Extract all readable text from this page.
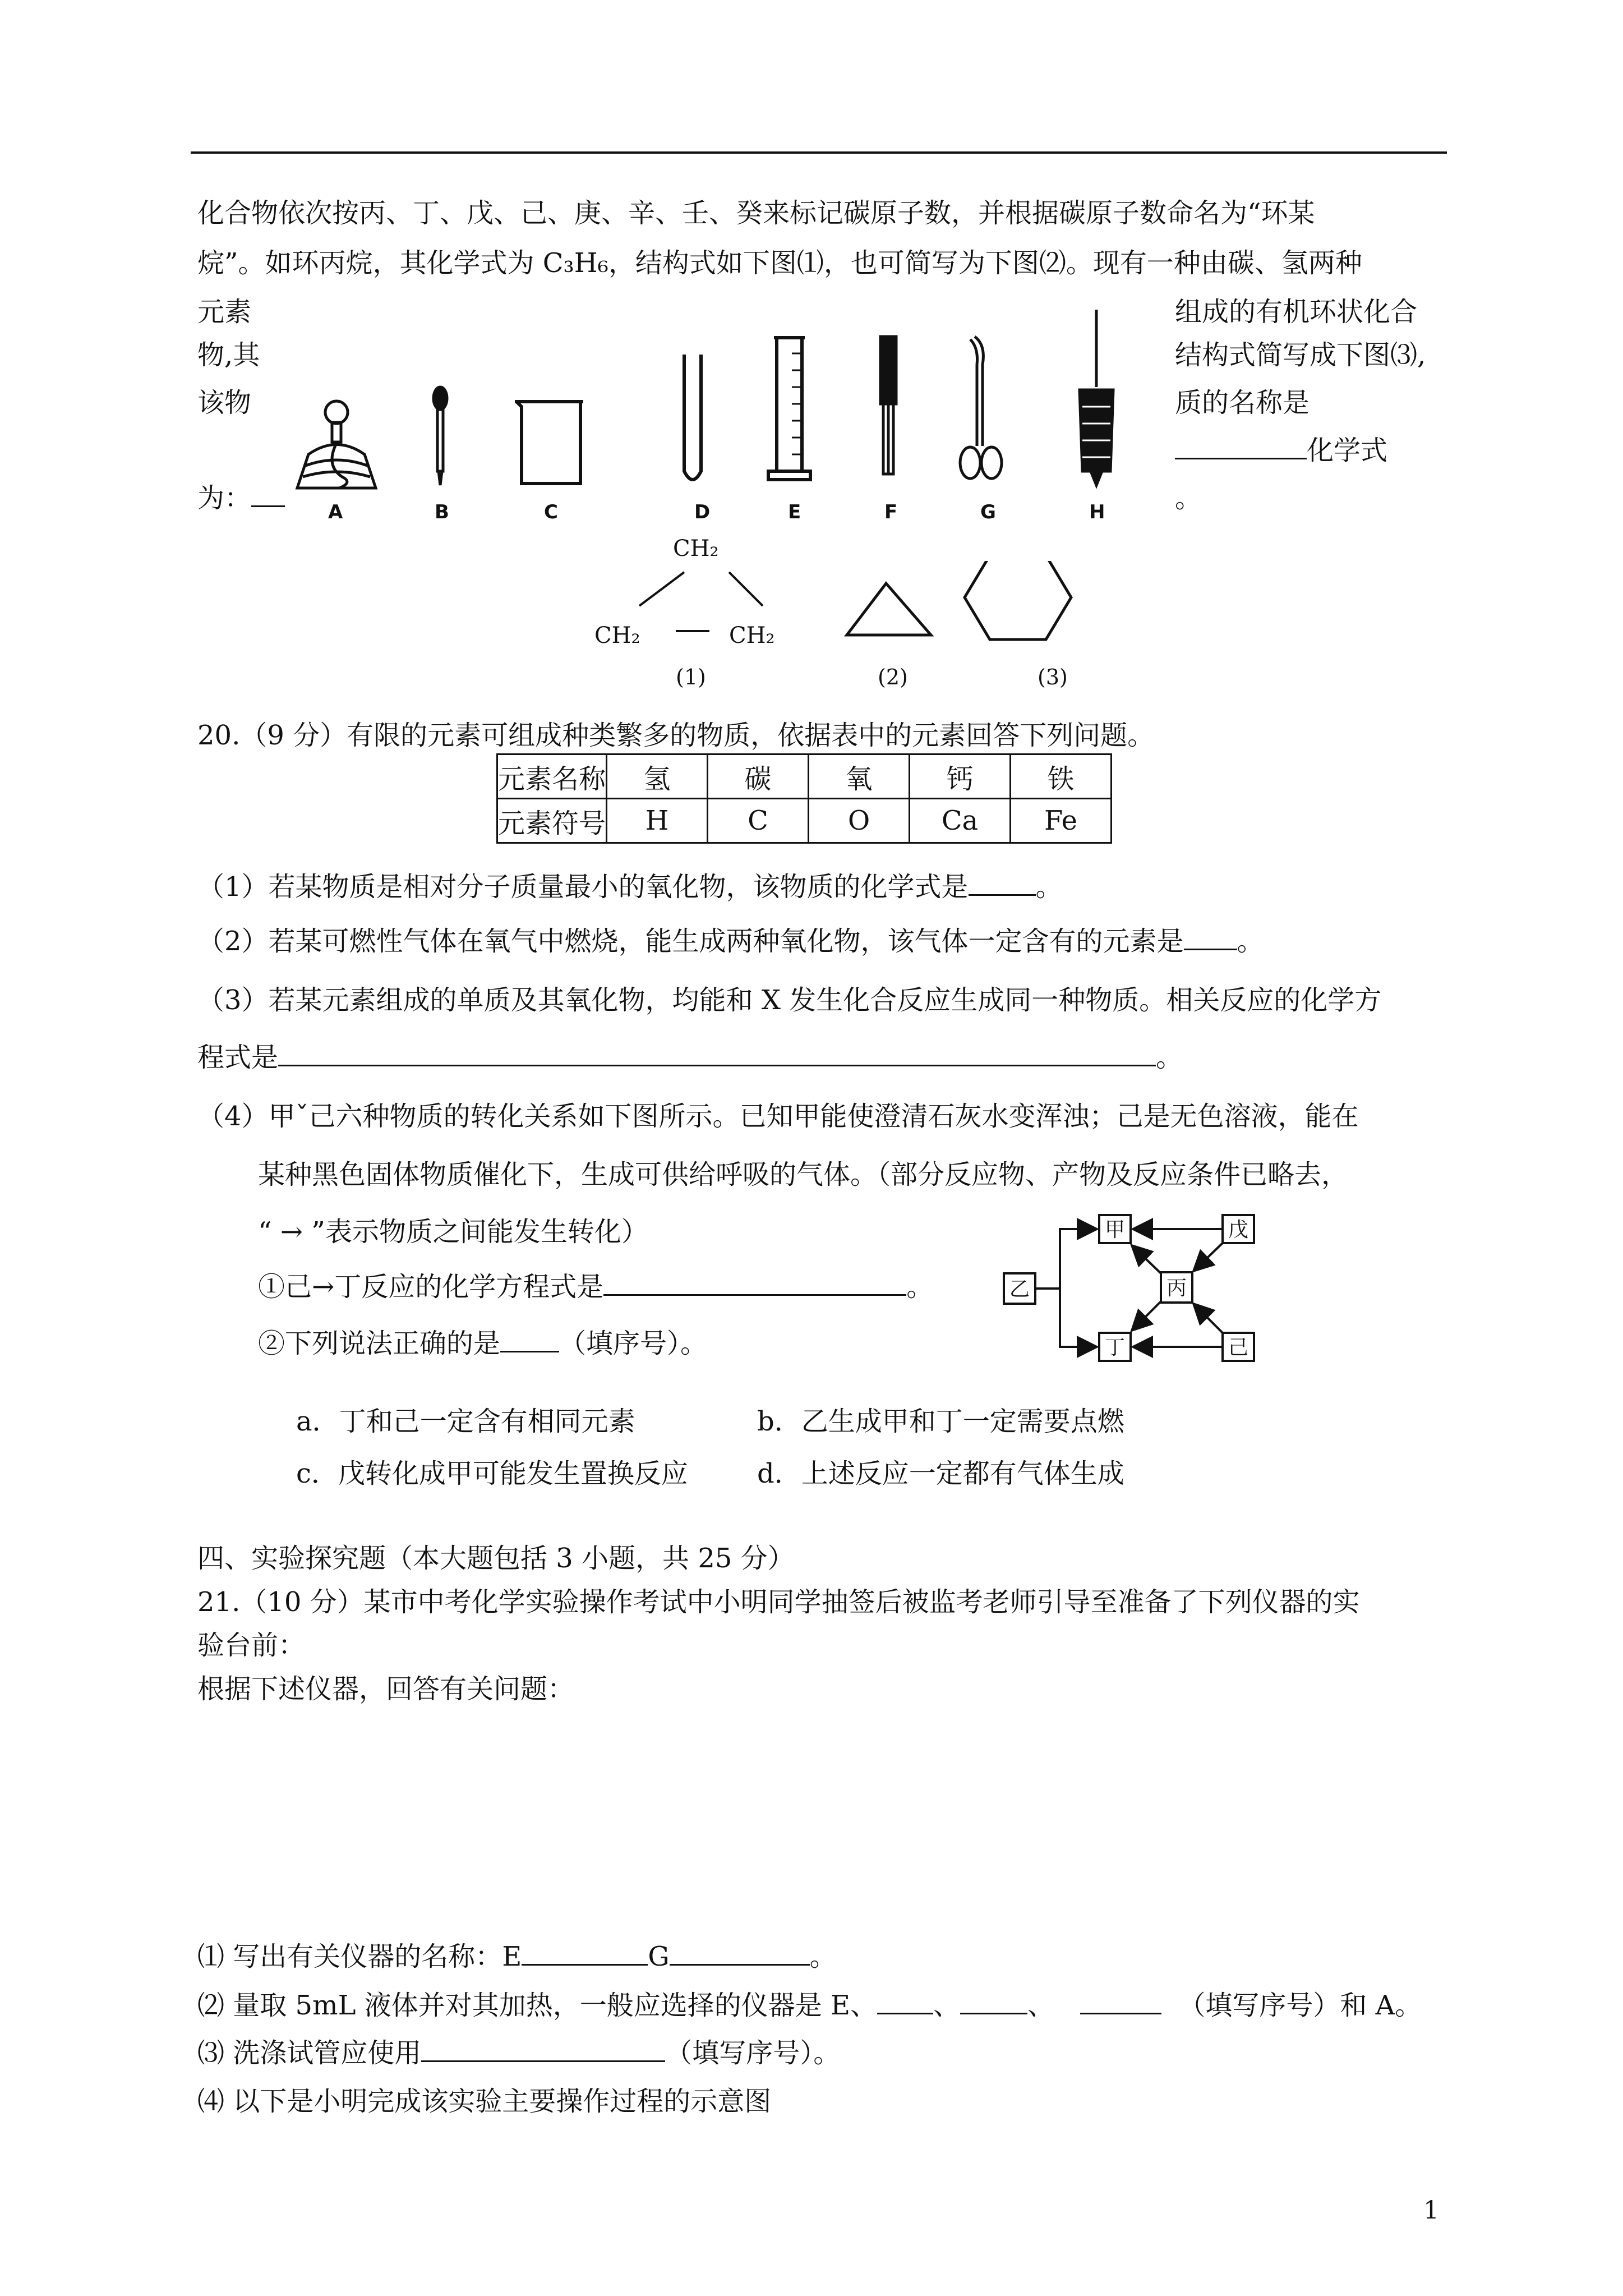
化合物依次按丙、丁、戊、己、庚、辛、壬、癸来标记碳原子数，并根据碳原子数命名为“环某
烷”。如环丙烷，其化学式为 C₃H₆，结构式如下图⑴，也可简写为下图⑵。现有一种由碳、氢两种
元素
物,其
该物
为：
组成的有机环状化合
结构式简写成下图⑶,
质的名称是
化学式
。
A	B	C	D	E	F	G	H
CH₂
CH₂	CH₂
(1)	(2)	(3)
20.（9 分）有限的元素可组成种类繁多的物质，依据表中的元素回答下列问题。
元素名称	氢	碳	氧	钙	铁
元素符号	H	C	O	Ca	Fe
（1）若某物质是相对分子质量最小的氧化物，该物质的化学式是	。
（2）若某可燃性气体在氧气中燃烧，能生成两种氧化物，该气体一定含有的元素是 。
（3）若某元素组成的单质及其氧化物，均能和 X 发生化合反应生成同一种物质。相关反应的化学方
程式是	。
（4）甲ˇ己六种物质的转化关系如下图所示。已知甲能使澄清石灰水变浑浊；己是无色溶液，能在
某种黑色固体物质催化下，生成可供给呼吸的气体。（部分反应物、产物及反应条件已略去，
“ → ”表示物质之间能发生转化）
①己→丁反应的化学方程式是	。
②下列说法正确的是 （填序号）。
甲	戊
乙	丙
丁	己
a．丁和己一定含有相同元素	b．乙生成甲和丁一定需要点燃
c．戊转化成甲可能发生置换反应	d．上述反应一定都有气体生成
四、实验探究题（本大题包括 3 小题，共 25 分）
21.（10 分）某市中考化学实验操作考试中小明同学抽签后被监考老师引导至准备了下列仪器的实
验台前：
根据下述仪器，回答有关问题：
⑴ 写出有关仪器的名称：E	G	。
⑵ 量取 5mL 液体并对其加热，一般应选择的仪器是 E、 、	、	（填写序号）和 A。
⑶ 洗涤试管应使用	（填写序号）。
⑷ 以下是小明完成该实验主要操作过程的示意图
1
